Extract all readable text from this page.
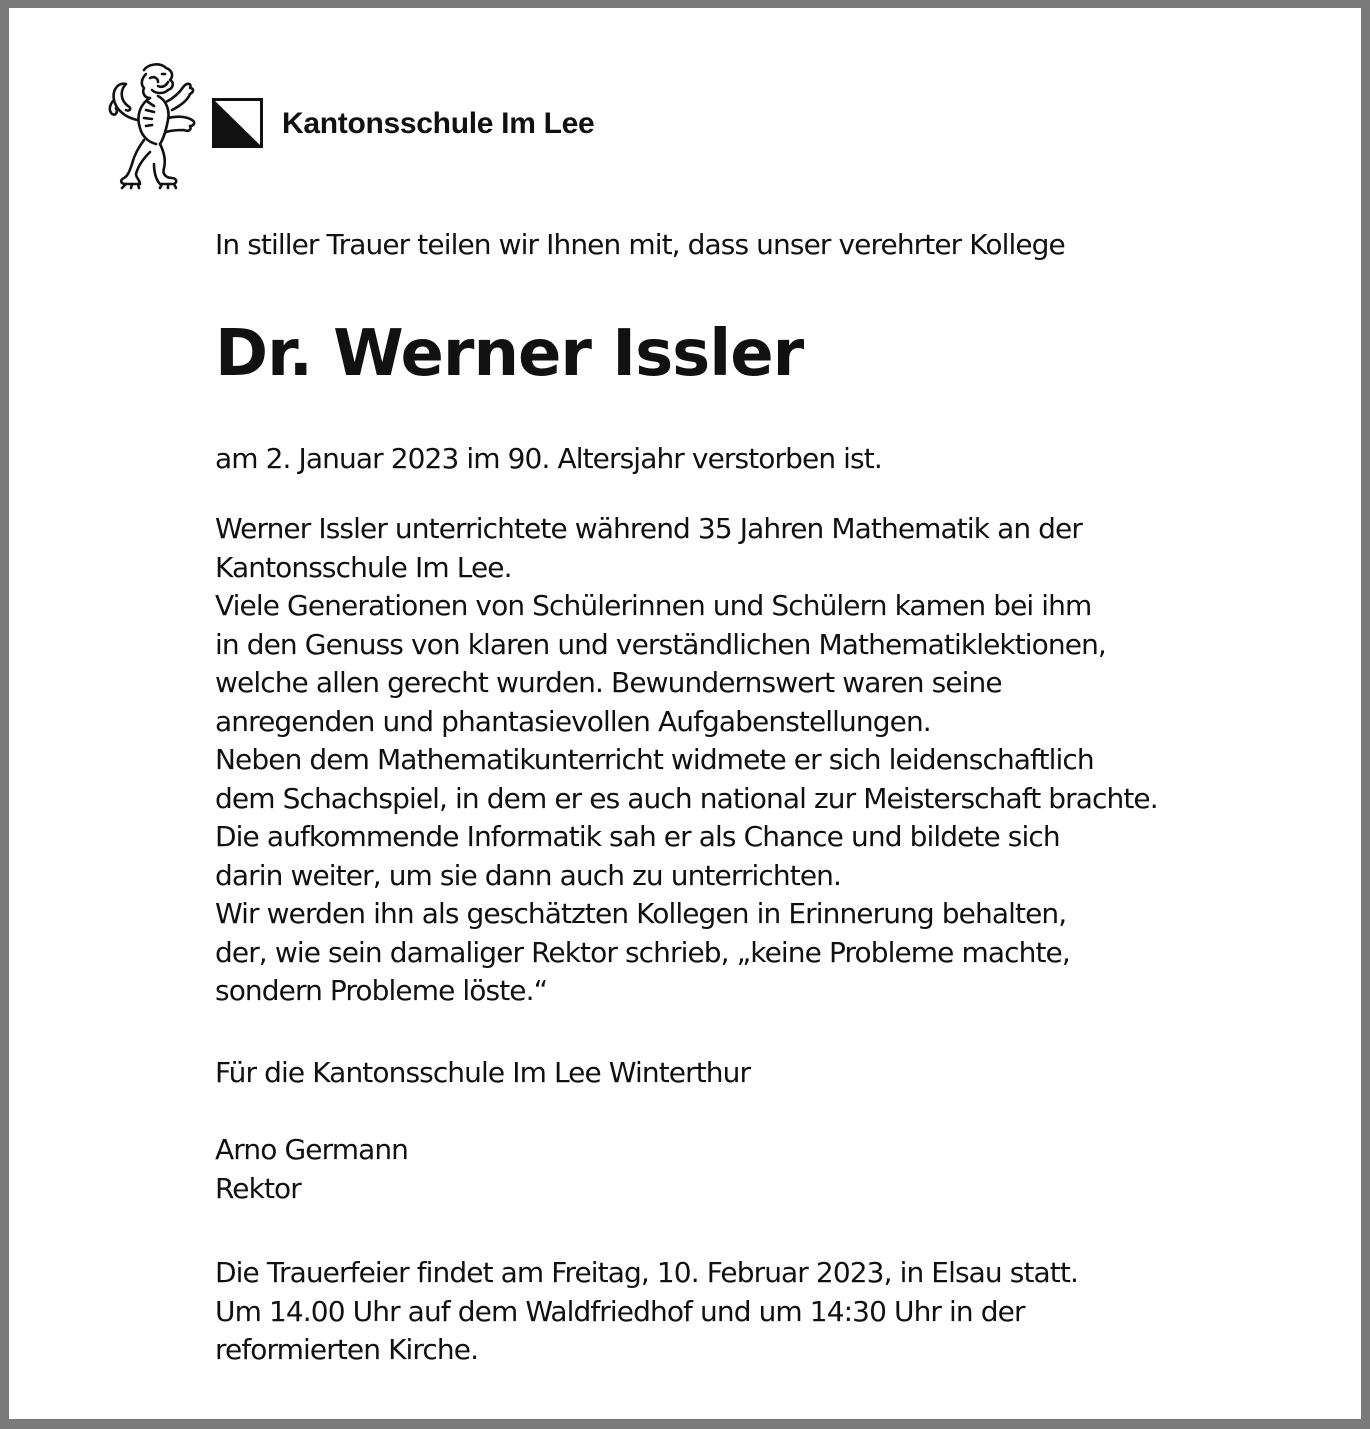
Kantonsschule Im Lee

In stiller Trauer teilen wir Ihnen mit, dass unser verehrter Kollege

Dr. Werner Issler

am 2. Januar 2023 im 90. Altersjahr verstorben ist.

Werner Issler unterrichtete während 35 Jahren Mathematik an der
Kantonsschule Im Lee.
Viele Generationen von Schülerinnen und Schülern kamen bei ihm
in den Genuss von klaren und verständlichen Mathematiklektionen,
welche allen gerecht wurden. Bewundernswert waren seine
anregenden und phantasievollen Aufgabenstellungen.
Neben dem Mathematikunterricht widmete er sich leidenschaftlich
dem Schachspiel, in dem er es auch national zur Meisterschaft brachte.
Die aufkommende Informatik sah er als Chance und bildete sich
darin weiter, um sie dann auch zu unterrichten.
Wir werden ihn als geschätzten Kollegen in Erinnerung behalten,
der, wie sein damaliger Rektor schrieb, „keine Probleme machte,
sondern Probleme löste.“

Für die Kantonsschule Im Lee Winterthur

Arno Germann
Rektor
Die Trauerfeier findet am Freitag, 10. Februar 2023, in Elsau statt.
Um 14.00 Uhr auf dem Waldfriedhof und um 14:30 Uhr in der
reformierten Kirche.
